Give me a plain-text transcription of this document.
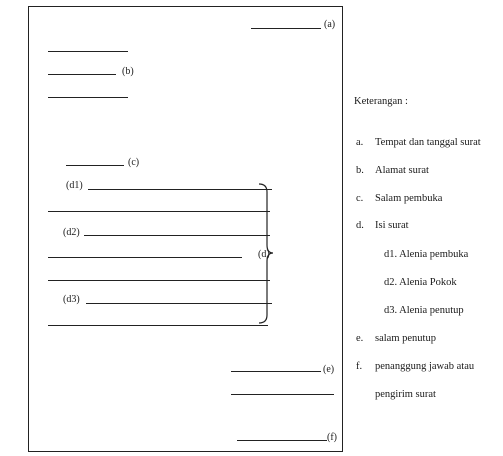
(a)
(b)
(c)
(d1)
(d2)
(d)
(d3)
(e)
(f)
Keterangan :
a. Tempat dan tanggal surat
b. Alamat surat
c. Salam pembuka
d. Isi surat
d1. Alenia pembuka
d2. Alenia Pokok
d3. Alenia penutup
e. salam penutup
f. penanggung jawab atau
pengirim surat
